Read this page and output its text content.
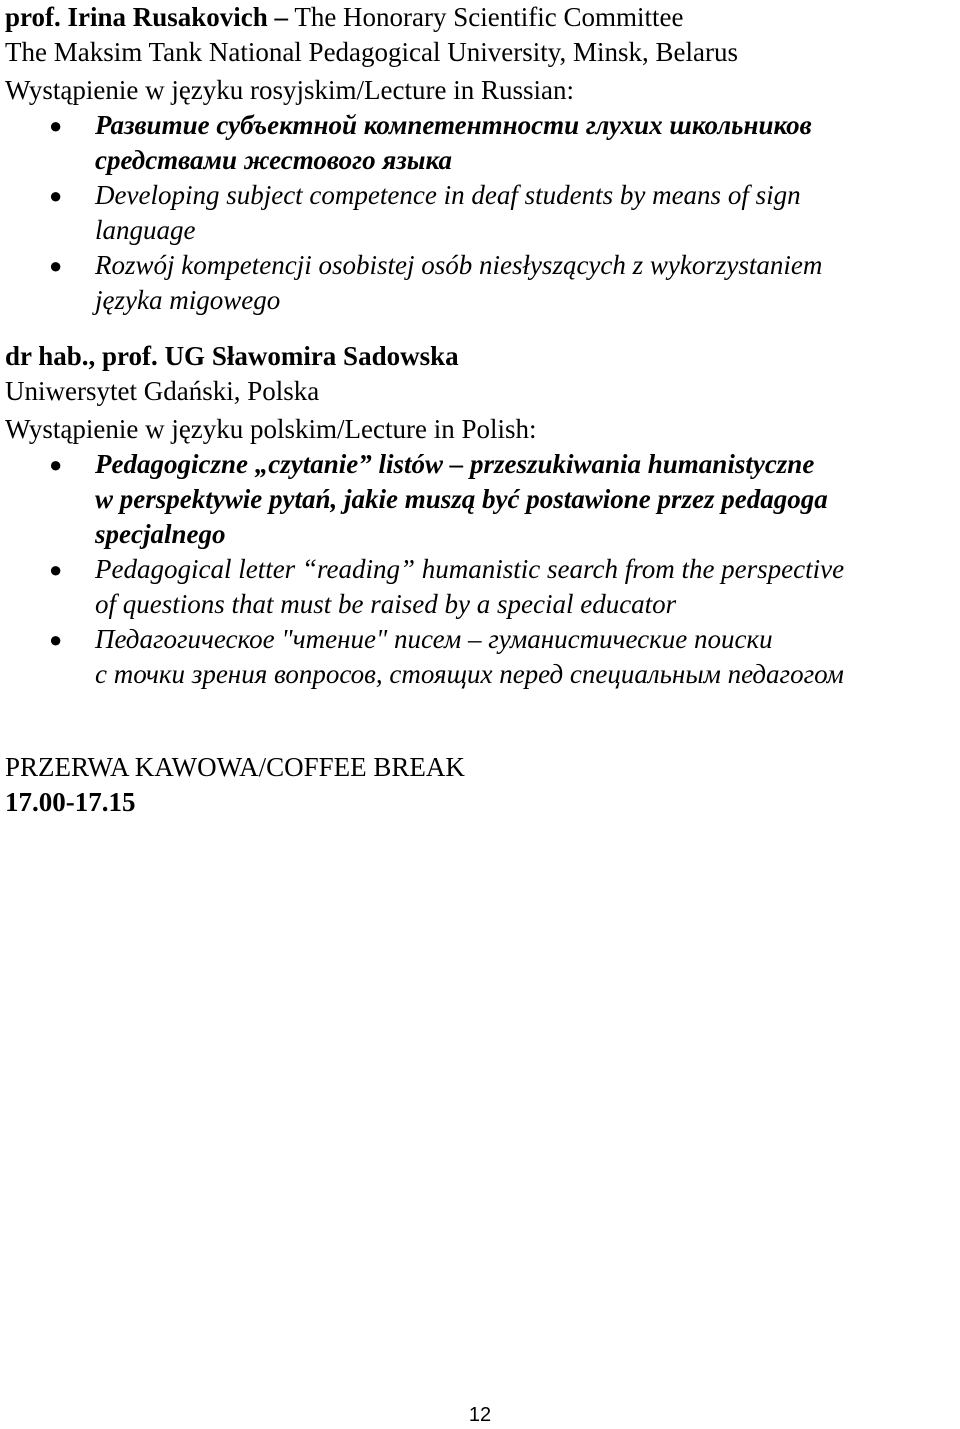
prof. Irina Rusakovich – The Honorary Scientific Committee

The Maksim Tank National Pedagogical University, Minsk, Belarus

Wystąpienie w języku rosyjskim/Lecture in Russian:

● Развитие субъектной компетентности глухих школьников
средствами жестового языка
● Developing subject competence in deaf students by means of sign
language
● Rozwój kompetencji osobistej osób niesłyszących z wykorzystaniem
języka migowego

dr hab., prof. UG Sławomira Sadowska

Uniwersytet Gdański, Polska

Wystąpienie w języku polskim/Lecture in Polish:

● Pedagogiczne „czytanie” listów – przeszukiwania humanistyczne
w perspektywie pytań, jakie muszą być postawione przez pedagoga
specjalnego
● Pedagogical letter “reading” humanistic search from the perspective
of questions that must be raised by a special educator
● Педагогическое "чтение" писем – гуманистические поиски
с точки зрения вопросов, стоящих перед специальным педагогом

PRZERWA KAWOWA/COFFEE BREAK

17.00-17.15

12
